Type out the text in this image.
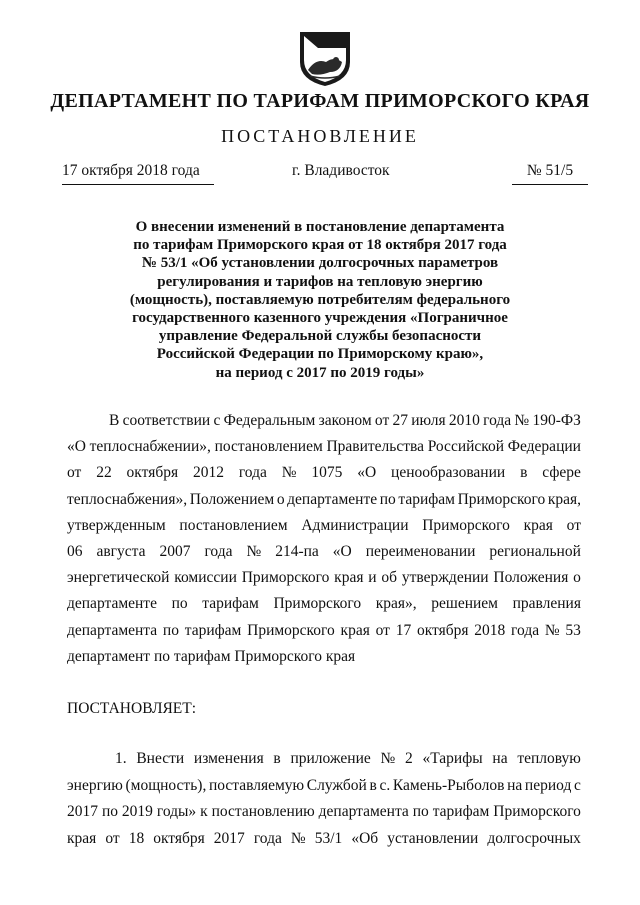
ДЕПАРТАМЕНТ ПО ТАРИФАМ ПРИМОРСКОГО КРАЯ
ПОСТАНОВЛЕНИЕ
17 октября 2018 года	г. Владивосток	№ 51/5
О внесении изменений в постановление департамента
по тарифам Приморского края от 18 октября 2017 года
№ 53/1 «Об установлении долгосрочных параметров
регулирования и тарифов на тепловую энергию
(мощность), поставляемую потребителям федерального
государственного казенного учреждения «Пограничное
управление Федеральной службы безопасности
Российской Федерации по Приморскому краю»,
на период с 2017 по 2019 годы»
В соответствии с Федеральным законом от 27 июля 2010 года № 190-ФЗ
«О теплоснабжении», постановлением Правительства Российской Федерации
от 22 октября 2012 года № 1075 «О ценообразовании в сфере
теплоснабжения», Положением о департаменте по тарифам Приморского края,
утвержденным постановлением Администрации Приморского края от
06 августа 2007 года № 214-па «О переименовании региональной
энергетической комиссии Приморского края и об утверждении Положения о
департаменте по тарифам Приморского края», решением правления
департамента по тарифам Приморского края от 17 октября 2018 года № 53
департамент по тарифам Приморского края
ПОСТАНОВЛЯЕТ:
1. Внести изменения в приложение № 2 «Тарифы на тепловую
энергию (мощность), поставляемую Службой в с. Камень-Рыболов на период с
2017 по 2019 годы» к постановлению департамента по тарифам Приморского
края от 18 октября 2017 года № 53/1 «Об установлении долгосрочных
